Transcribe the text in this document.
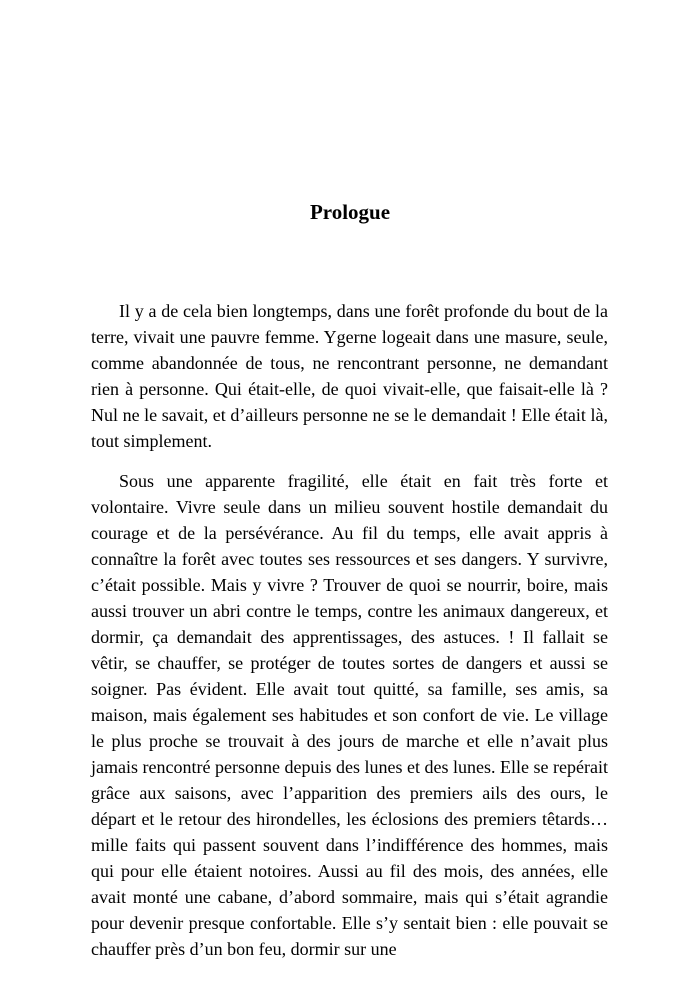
Prologue

Il y a de cela bien longtemps, dans une forêt profonde du bout de la terre, vivait une pauvre femme. Ygerne logeait dans une masure, seule, comme abandonnée de tous, ne rencontrant personne, ne demandant rien à personne. Qui était-elle, de quoi vivait-elle, que faisait-elle là ? Nul ne le savait, et d’ailleurs personne ne se le demandait ! Elle était là, tout simplement.

Sous une apparente fragilité, elle était en fait très forte et volontaire. Vivre seule dans un milieu souvent hostile demandait du courage et de la persévérance. Au fil du temps, elle avait appris à connaître la forêt avec toutes ses ressources et ses dangers. Y survivre, c’était possible. Mais y vivre ? Trouver de quoi se nourrir, boire, mais aussi trouver un abri contre le temps, contre les animaux dangereux, et dormir, ça demandait des apprentissages, des astuces. ! Il fallait se vêtir, se chauffer, se protéger de toutes sortes de dangers et aussi se soigner. Pas évident. Elle avait tout quitté, sa famille, ses amis, sa maison, mais également ses habitudes et son confort de vie. Le village le plus proche se trouvait à des jours de marche et elle n’avait plus jamais rencontré personne depuis des lunes et des lunes. Elle se repérait grâce aux saisons, avec l’apparition des premiers ails des ours, le départ et le retour des hirondelles, les éclosions des premiers têtards… mille faits qui passent souvent dans l’indifférence des hommes, mais qui pour elle étaient notoires. Aussi au fil des mois, des années, elle avait monté une cabane, d’abord sommaire, mais qui s’était agrandie pour devenir presque confortable. Elle s’y sentait bien : elle pouvait se chauffer près d’un bon feu, dormir sur une
